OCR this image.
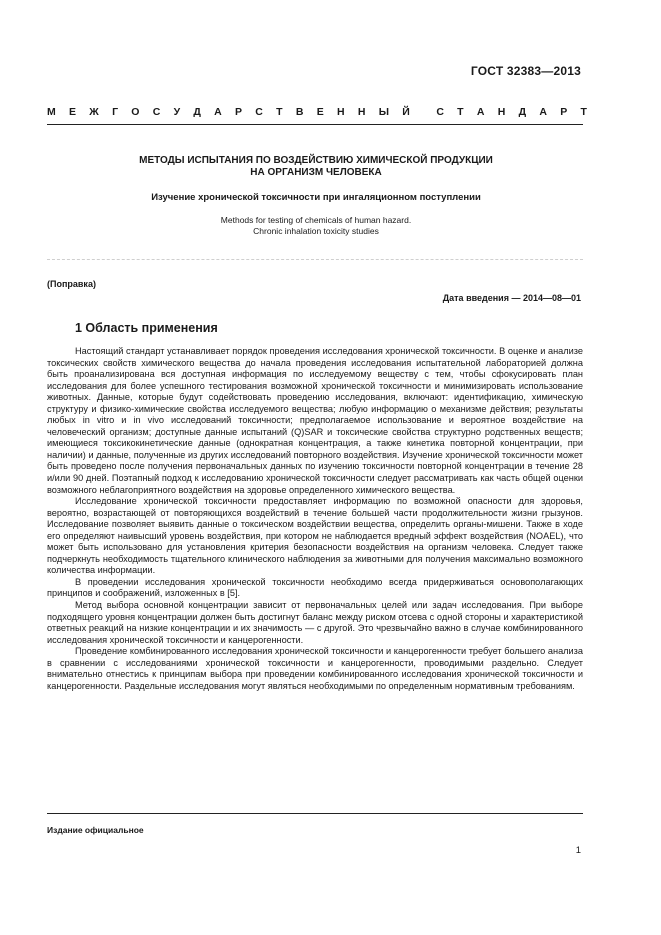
ГОСТ 32383—2013
М Е Ж Г О С У Д А Р С Т В Е Н Н Ы Й	С Т А Н Д А Р Т
МЕТОДЫ ИСПЫТАНИЯ ПО ВОЗДЕЙСТВИЮ ХИМИЧЕСКОЙ ПРОДУКЦИИ
НА ОРГАНИЗМ ЧЕЛОВЕКА
Изучение хронической токсичности при ингаляционном поступлении
Methods for testing of chemicals of human hazard.
Chronic inhalation toxicity studies
(Поправка)
Дата введения — 2014—08—01
1 Область применения

Настоящий стандарт устанавливает порядок проведения исследования хронической токсичности. В оценке и анализе токсических свойств химического вещества до начала проведения исследования испытательной лабораторией должна быть проанализирована вся доступная информация по исследуемому веществу с тем, чтобы сфокусировать план исследования для более успешного тестирования возможной хронической токсичности и минимизировать использование животных. Данные, которые будут содействовать проведению исследования, включают: идентификацию, химическую структуру и физико-химические свойства исследуемого вещества; любую информацию о механизме действия; результаты любых in vitro и in vivo исследований токсичности; предполагаемое использование и вероятное воздействие на человеческий организм; доступные данные испытаний (Q)SAR и токсические свойства структурно родственных веществ; имеющиеся токсикокинетические данные (однократная концентрация, а также кинетика повторной концентрации, при наличии) и данные, полученные из других исследований повторного воздействия. Изучение хронической токсичности может быть проведено после получения первоначальных данных по изучению токсичности повторной концентрации в течение 28 и/или 90 дней. Поэтапный подход к исследованию хронической токсичности следует рассматривать как часть общей оценки возможного неблагоприятного воздействия на здоровье определенного химического вещества.

Исследование хронической токсичности предоставляет информацию по возможной опасности для здоровья, вероятно, возрастающей от повторяющихся воздействий в течение большей части продолжительности жизни грызунов. Исследование позволяет выявить данные о токсическом воздействии вещества, определить органы-мишени. Также в ходе его определяют наивысший уровень воздействия, при котором не наблюдается вредный эффект воздействия (NOAEL), что может быть использовано для установления критерия безопасности воздействия на организм человека. Следует также подчеркнуть необходимость тщательного клинического наблюдения за животными для получения максимально возможного количества информации.

В проведении исследования хронической токсичности необходимо всегда придерживаться основополагающих принципов и соображений, изложенных в [5].

Метод выбора основной концентрации зависит от первоначальных целей или задач исследования. При выборе подходящего уровня концентрации должен быть достигнут баланс между риском отсева с одной стороны и характеристикой ответных реакций на низкие концентрации и их значимость — с другой. Это чрезвычайно важно в случае комбинированного исследования хронической токсичности и канцерогенности.

Проведение комбинированного исследования хронической токсичности и канцерогенности требует большего анализа в сравнении с исследованиями хронической токсичности и канцерогенности, проводимыми раздельно. Следует внимательно отнестись к принципам выбора при проведении комбинированного исследования хронической токсичности и канцерогенности. Раздельные исследования могут являться необходимыми по определенным нормативным требованиям.

Издание официальное
1
